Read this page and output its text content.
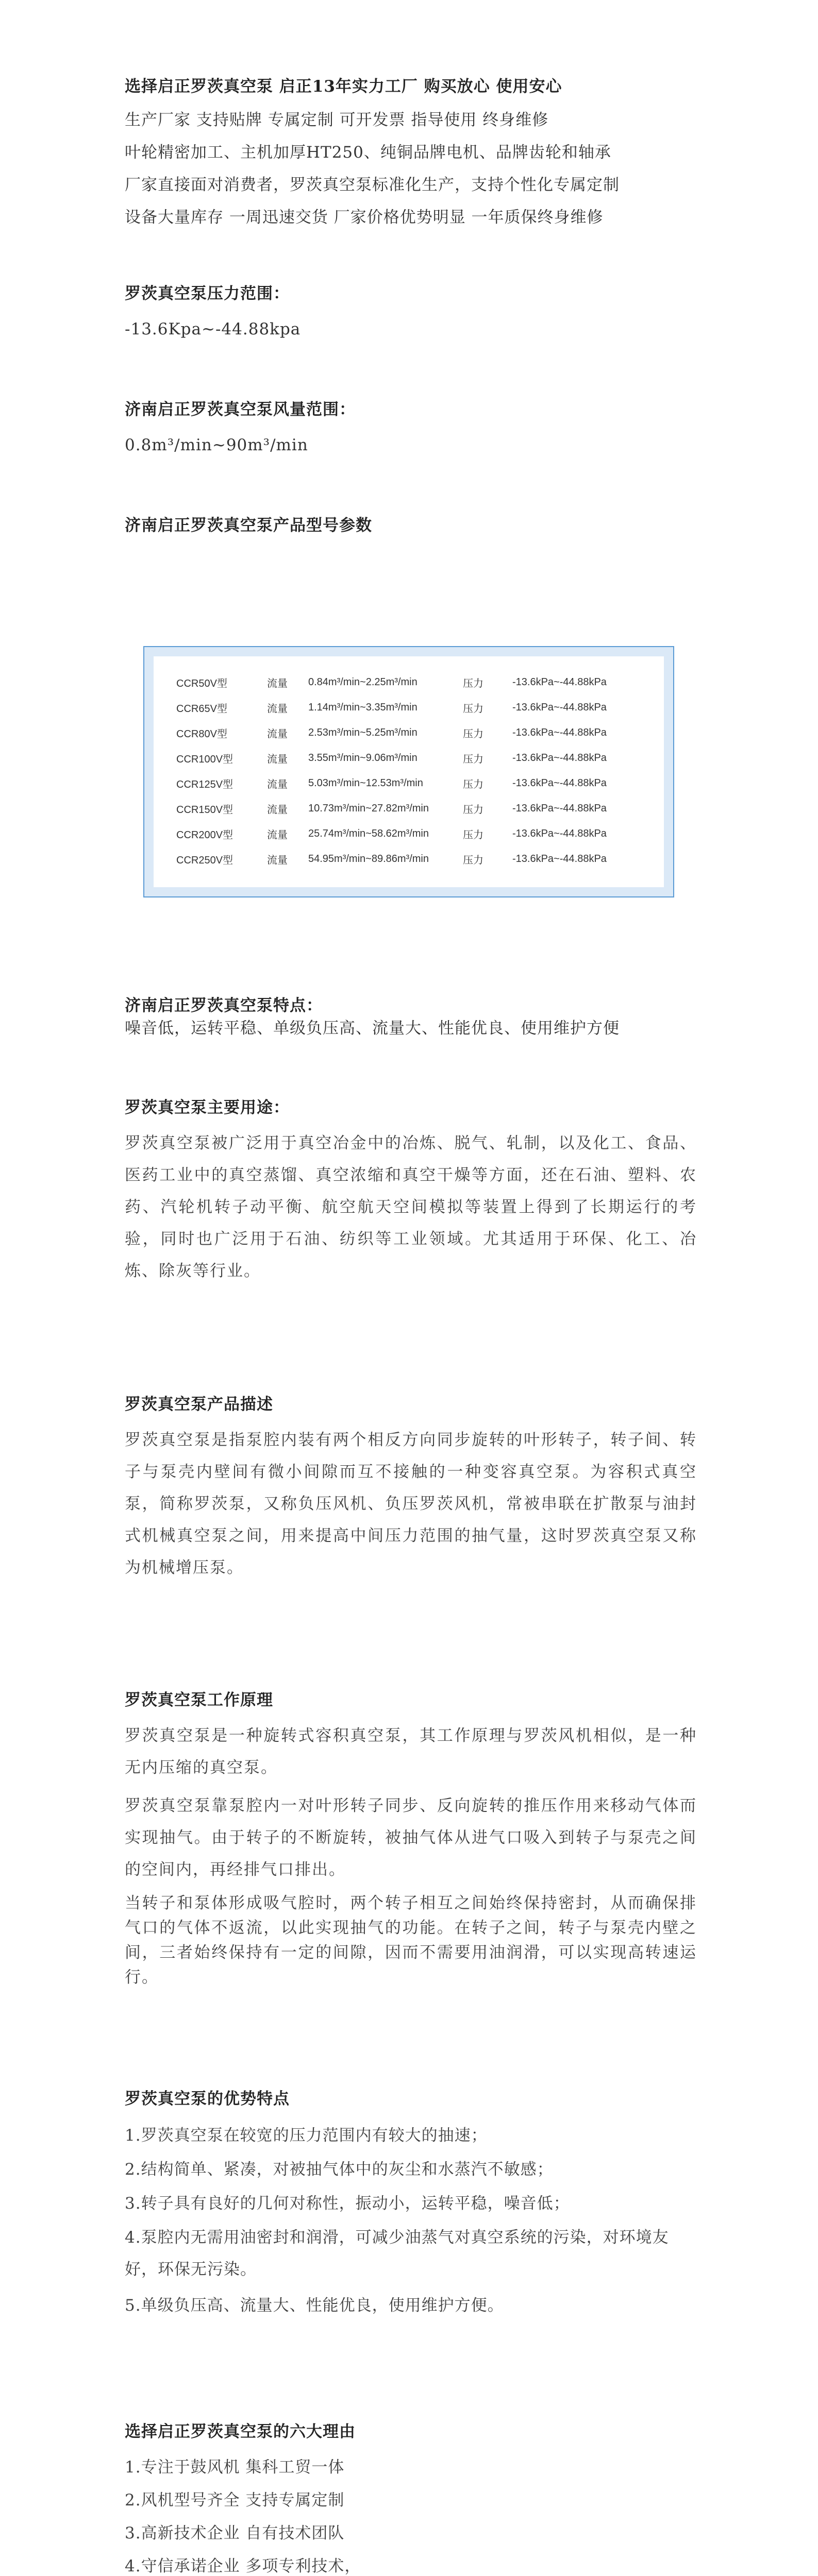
选择启正罗茨真空泵 启正13年实力工厂 购买放心 使用安心
生产厂家 支持贴牌 专属定制 可开发票 指导使用 终身维修
叶轮精密加工、主机加厚HT250、纯铜品牌电机、品牌齿轮和轴承
厂家直接面对消费者，罗茨真空泵标准化生产，支持个性化专属定制
设备大量库存 一周迅速交货 厂家价格优势明显 一年质保终身维修
罗茨真空泵压力范围：
-13.6Kpa~-44.88kpa
济南启正罗茨真空泵风量范围：
0.8m³/min~90m³/min
济南启正罗茨真空泵产品型号参数
CCR50V型	流量	0.84m³/min~2.25m³/min	压力	-13.6kPa~-44.88kPa
CCR65V型	流量	1.14m³/min~3.35m³/min	压力	-13.6kPa~-44.88kPa
CCR80V型	流量	2.53m³/min~5.25m³/min	压力	-13.6kPa~-44.88kPa
CCR100V型	流量	3.55m³/min~9.06m³/min	压力	-13.6kPa~-44.88kPa
CCR125V型	流量	5.03m³/min~12.53m³/min	压力	-13.6kPa~-44.88kPa
CCR150V型	流量	10.73m³/min~27.82m³/min	压力	-13.6kPa~-44.88kPa
CCR200V型	流量	25.74m³/min~58.62m³/min	压力	-13.6kPa~-44.88kPa
CCR250V型	流量	54.95m³/min~89.86m³/min	压力	-13.6kPa~-44.88kPa
济南启正罗茨真空泵特点：
噪音低，运转平稳、单级负压高、流量大、性能优良、使用维护方便
罗茨真空泵主要用途：
罗茨真空泵被广泛用于真空冶金中的冶炼、脱气、轧制，以及化工、食品、医药工业中的真空蒸馏、真空浓缩和真空干燥等方面，还在石油、塑料、农药、汽轮机转子动平衡、航空航天空间模拟等装置上得到了长期运行的考验，同时也广泛用于石油、纺织等工业领域。尤其适用于环保、化工、冶炼、除灰等行业。
罗茨真空泵产品描述
罗茨真空泵是指泵腔内装有两个相反方向同步旋转的叶形转子，转子间、转子与泵壳内壁间有微小间隙而互不接触的一种变容真空泵。为容积式真空泵，简称罗茨泵，又称负压风机、负压罗茨风机，常被串联在扩散泵与油封式机械真空泵之间，用来提高中间压力范围的抽气量，这时罗茨真空泵又称为机械增压泵。
罗茨真空泵工作原理
罗茨真空泵是一种旋转式容积真空泵，其工作原理与罗茨风机相似，是一种无内压缩的真空泵。
罗茨真空泵靠泵腔内一对叶形转子同步、反向旋转的推压作用来移动气体而实现抽气。由于转子的不断旋转，被抽气体从进气口吸入到转子与泵壳之间的空间内，再经排气口排出。
当转子和泵体形成吸气腔时，两个转子相互之间始终保持密封，从而确保排气口的气体不返流，以此实现抽气的功能。在转子之间，转子与泵壳内壁之间，三者始终保持有一定的间隙，因而不需要用油润滑，可以实现高转速运行。
罗茨真空泵的优势特点
1.罗茨真空泵在较宽的压力范围内有较大的抽速；
2.结构简单、紧凑，对被抽气体中的灰尘和水蒸汽不敏感；
3.转子具有良好的几何对称性，振动小，运转平稳，噪音低；
4.泵腔内无需用油密封和润滑，可减少油蒸气对真空系统的污染，对环境友好，环保无污染。
5.单级负压高、流量大、性能优良，使用维护方便。
选择启正罗茨真空泵的六大理由
1.专注于鼓风机 集科工贸一体
2.风机型号齐全 支持专属定制
3.高新技术企业 自有技术团队
4.守信承诺企业 多项专利技术，
